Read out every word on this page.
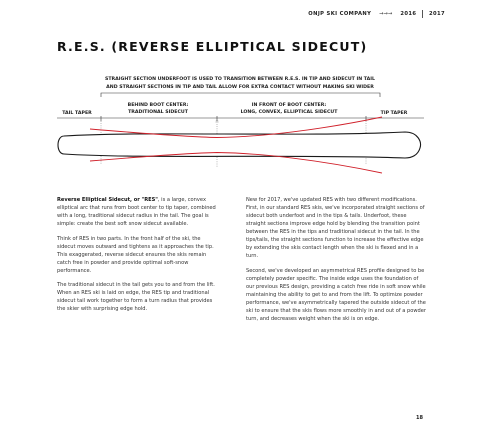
ONJP SKI COMPANY →→→ 2016 2017
R.E.S. (REVERSE ELLIPTICAL SIDECUT)
STRAIGHT SECTION UNDERFOOT IS USED TO TRANSITION BETWEEN R.E.S. IN TIP AND SIDECUT IN TAIL
AND STRAIGHT SECTIONS IN TIP AND TAIL ALLOW FOR EXTRA CONTACT WITHOUT MAKING SKI WIDER
BEHIND BOOT CENTER:
TRADITIONAL SIDECUT
IN FRONT OF BOOT CENTER:
LONG, CONVEX, ELLIPTICAL SIDECUT
TAIL TAPER	TIP TAPER
M

Reverse Elliptical Sidecut, or "RES", is a large, convex elliptical arc that runs from boot center to tip taper, combined with a long, traditional sidecut radius in the tail. The goal is simple: create the best soft snow sidecut available.

Think of RES in two parts. In the front half of the ski, the sidecut moves outward and tightens as it approaches the tip. This exaggerated, reverse sidecut ensures the skis remain catch free in powder and provide optimal soft-snow performance.

The traditional sidecut in the tail gets you to and from the lift. When an RES ski is laid on edge, the RES tip and traditional sidecut tail work together to form a turn radius that provides the skier with surprising edge hold.

New for 2017, we've updated RES with two different modifications. First, in our standard RES skis, we've incorporated straight sections of sidecut both underfoot and in the tips & tails. Underfoot, these straight sections improve edge hold by blending the transition point between the RES in the tips and traditional sidecut in the tail. In the tips/tails, the straight sections function to increase the effective edge by extending the skis contact length when the ski is flexed and in a turn.

Second, we've developed an asymmetrical RES profile designed to be completely powder specific. The inside edge uses the foundation of our previous RES design, providing a catch free ride in soft snow while maintaining the ability to get to and from the lift. To optimize powder performance, we've asymmetrically tapered the outside sidecut of the ski to ensure that the skis flows more smoothly in and out of a powder turn, and decreases weight when the ski is on edge.

18
